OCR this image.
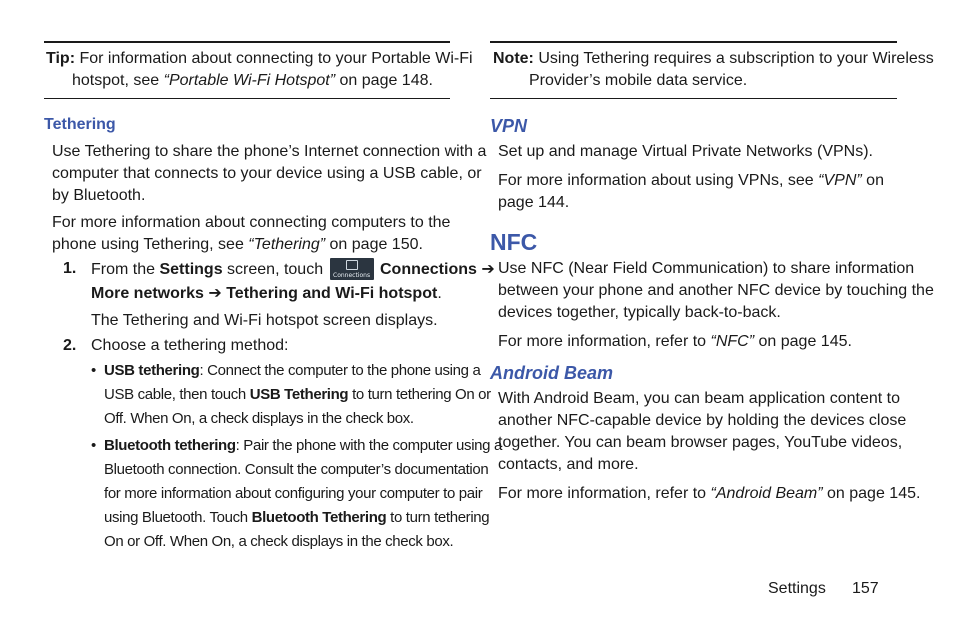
Tip: For information about connecting to your Portable Wi-Fi
hotspot, see “Portable Wi-Fi Hotspot” on page 148.
Tethering
Use Tethering to share the phone’s Internet connection with a
computer that connects to your device using a USB cable, or
by Bluetooth.
For more information about connecting computers to the
phone using Tethering, see “Tethering” on page 150.
1. From the Settings screen, touch Connections Connections ➔
More networks ➔ Tethering and Wi-Fi hotspot.
The Tethering and Wi-Fi hotspot screen displays.
2. Choose a tethering method:
• USB tethering: Connect the computer to the phone using a
USB cable, then touch USB Tethering to turn tethering On or
Off. When On, a check displays in the check box.
• Bluetooth tethering: Pair the phone with the computer using a
Bluetooth connection. Consult the computer’s documentation
for more information about configuring your computer to pair
using Bluetooth. Touch Bluetooth Tethering to turn tethering
On or Off. When On, a check displays in the check box.
Note: Using Tethering requires a subscription to your Wireless
Provider’s mobile data service.
VPN
Set up and manage Virtual Private Networks (VPNs).
For more information about using VPNs, see “VPN” on
page 144.
NFC
Use NFC (Near Field Communication) to share information
between your phone and another NFC device by touching the
devices together, typically back-to-back.
For more information, refer to “NFC” on page 145.
Android Beam
With Android Beam, you can beam application content to
another NFC-capable device by holding the devices close
together. You can beam browser pages, YouTube videos,
contacts, and more.
For more information, refer to “Android Beam” on page 145.
Settings 157
